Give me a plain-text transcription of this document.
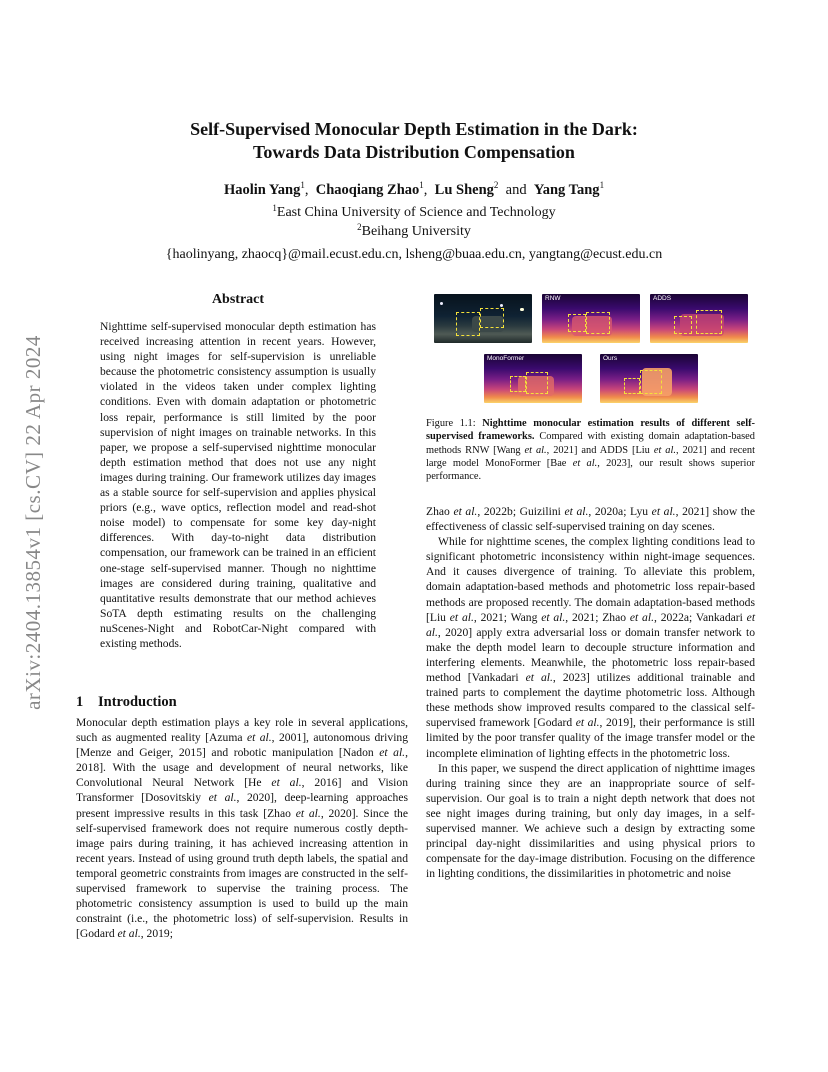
arXiv:2404.13854v1 [cs.CV] 22 Apr 2024
Self-Supervised Monocular Depth Estimation in the Dark:
Towards Data Distribution Compensation
Haolin Yang$^1$, Chaoqiang Zhao$^1$, Lu Sheng$^2$ and Yang Tang$^1$
$^1$East China University of Science and Technology
$^2$Beihang University
{haolinyang, zhaocq}@mail.ecust.edu.cn, lsheng@buaa.edu.cn, yangtang@ecust.edu.cn
Abstract
Nighttime self-supervised monocular depth estimation has received increasing attention in recent years. However, using night images for self-supervision is unreliable because the photometric consistency assumption is usually violated in the videos taken under complex lighting conditions. Even with domain adaptation or photometric loss repair, performance is still limited by the poor supervision of night images on trainable networks. In this paper, we propose a self-supervised nighttime monocular depth estimation method that does not use any night images during training. Our framework utilizes day images as a stable source for self-supervision and applies physical priors (e.g., wave optics, reflection model and read-shot noise model) to compensate for some key day-night differences. With day-to-night data distribution compensation, our framework can be trained in an efficient one-stage self-supervised manner. Though no nighttime images are considered during training, qualitative and quantitative results demonstrate that our method achieves SoTA depth estimating results on the challenging nuScenes-Night and RobotCar-Night compared with existing methods.
1 Introduction

Monocular depth estimation plays a key role in several applications, such as augmented reality [Azuma et al., 2001], autonomous driving [Menze and Geiger, 2015] and robotic manipulation [Nadon et al., 2018]. With the usage and development of neural networks, like Convolutional Neural Network [He et al., 2016] and Vision Transformer [Dosovitskiy et al., 2020], deep-learning approaches present impressive results in this task [Zhao et al., 2020]. Since the self-supervised framework does not require numerous costly depth-image pairs during training, it has achieved increasing attention in recent years. Instead of using ground truth depth labels, the spatial and temporal geometric constraints from images are constructed in the self-supervised framework to supervise the training process. The photometric consistency assumption is used to build up the main constraint (i.e., the photometric loss) of self-supervision. Results in [Godard et al., 2019;

RNW	ADDS
MonoFormer	Ours
Figure 1.1: Nighttime monocular estimation results of different self-supervised frameworks. Compared with existing domain adaptation-based methods RNW [Wang et al., 2021] and ADDS [Liu et al., 2021] and recent large model MonoFormer [Bae et al., 2023], our result shows superior performance.

Zhao et al., 2022b; Guizilini et al., 2020a; Lyu et al., 2021] show the effectiveness of classic self-supervised training on day scenes.

While for nighttime scenes, the complex lighting conditions lead to significant photometric inconsistency within night-image sequences. And it causes divergence of training. To alleviate this problem, domain adaptation-based methods and photometric loss repair-based methods are proposed recently. The domain adaptation-based methods [Liu et al., 2021; Wang et al., 2021; Zhao et al., 2022a; Vankadari et al., 2020] apply extra adversarial loss or domain transfer network to make the depth model learn to decouple structure information and interfering elements. Meanwhile, the photometric loss repair-based method [Vankadari et al., 2023] utilizes additional trainable and trained parts to complement the daytime photometric loss. Although these methods show improved results compared to the classical self-supervised framework [Godard et al., 2019], their performance is still limited by the poor transfer quality of the image transfer model or the incomplete elimination of lighting effects in the photometric loss.

In this paper, we suspend the direct application of nighttime images during training since they are an inappropriate source of self-supervision. Our goal is to train a night depth network that does not see night images during training, but only day images, in a self-supervised manner. We achieve such a design by extracting some principal day-night dissimilarities and using physical priors to compensate for the day-image distribution. Focusing on the difference in lighting conditions, the dissimilarities in photometric and noise
